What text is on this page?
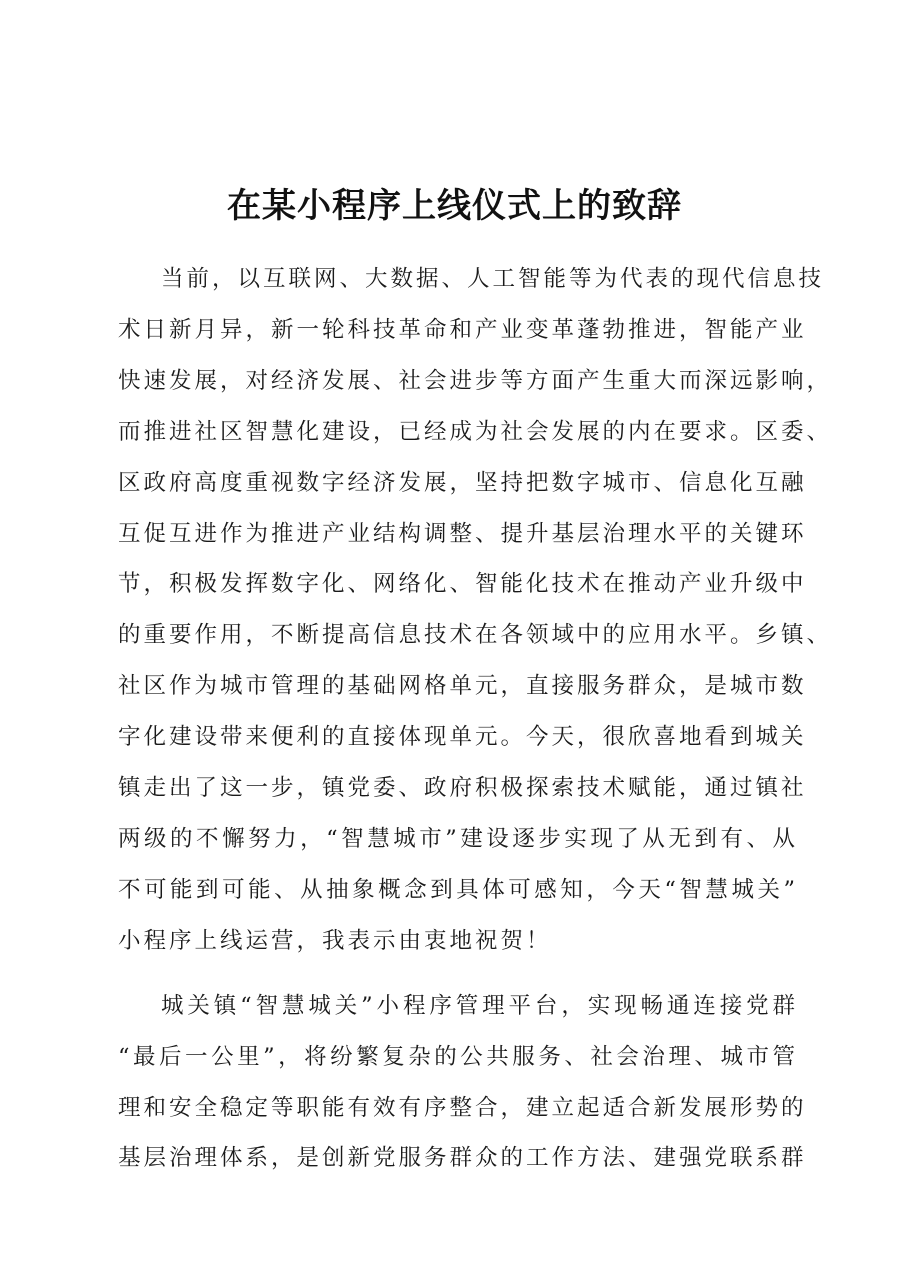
在某小程序上线仪式上的致辞

当前，以互联网、大数据、人工智能等为代表的现代信息技
术日新月异，新一轮科技革命和产业变革蓬勃推进，智能产业
快速发展，对经济发展、社会进步等方面产生重大而深远影响，
而推进社区智慧化建设，已经成为社会发展的内在要求。区委、
区政府高度重视数字经济发展，坚持把数字城市、信息化互融
互促互进作为推进产业结构调整、提升基层治理水平的关键环
节，积极发挥数字化、网络化、智能化技术在推动产业升级中
的重要作用，不断提高信息技术在各领域中的应用水平。乡镇、
社区作为城市管理的基础网格单元，直接服务群众，是城市数
字化建设带来便利的直接体现单元。今天，很欣喜地看到城关
镇走出了这一步，镇党委、政府积极探索技术赋能，通过镇社
两级的不懈努力，“智慧城市”建设逐步实现了从无到有、从
不可能到可能、从抽象概念到具体可感知，今天“智慧城关”
小程序上线运营，我表示由衷地祝贺！

城关镇“智慧城关”小程序管理平台，实现畅通连接党群
“最后一公里”，将纷繁复杂的公共服务、社会治理、城市管
理和安全稳定等职能有效有序整合，建立起适合新发展形势的
基层治理体系，是创新党服务群众的工作方法、建强党联系群
